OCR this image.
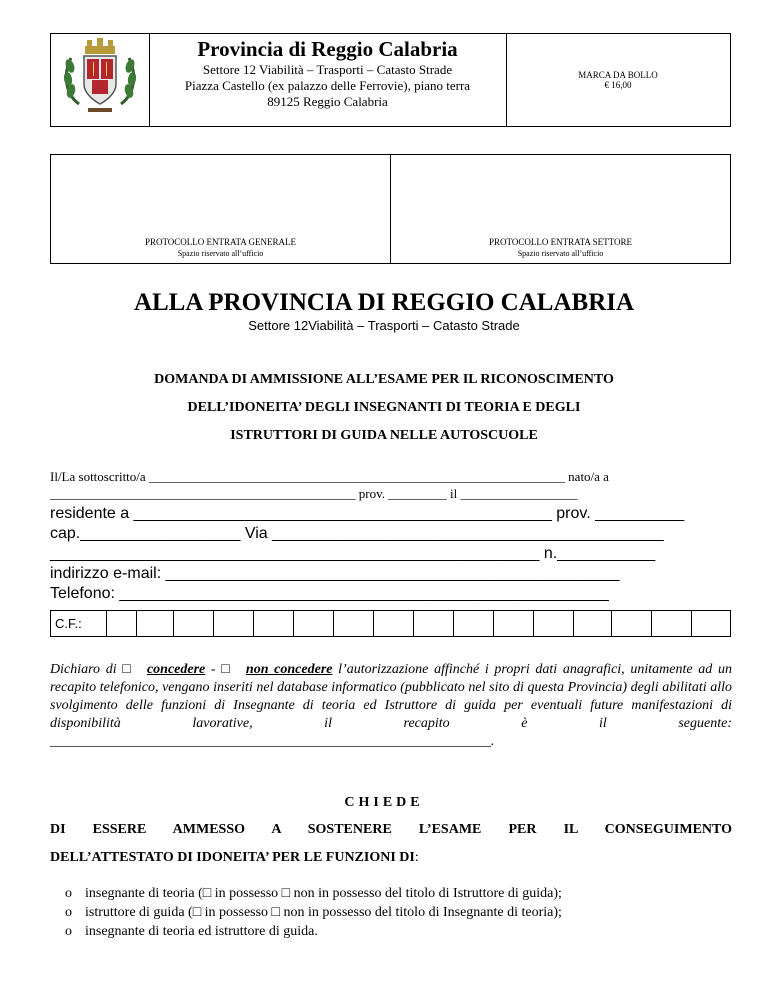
Provincia di Reggio Calabria
Settore 12 Viabilità – Trasporti – Catasto Strade
Piazza Castello (ex palazzo delle Ferrovie), piano terra
89125 Reggio Calabria
MARCA DA BOLLO
€ 16,00
PROTOCOLLO ENTRATA GENERALE
Spazio riservato all’ufficio
PROTOCOLLO ENTRATA SETTORE
Spazio riservato all’ufficio
ALLA PROVINCIA DI REGGIO CALABRIA
Settore 12Viabilità – Trasporti – Catasto Strade
DOMANDA DI AMMISSIONE ALL’ESAME PER IL RICONOSCIMENTO
DELL’IDONEITA’ DEGLI INSEGNANTI DI TEORIA E DEGLI
ISTRUTTORI DI GUIDA NELLE AUTOSCUOLE
Il/La sottoscritto/a ________________________________________________________________ nato/a a
_______________________________________________ prov. _________ il __________________
residente a _______________________________________________ prov. __________
cap.__________________ Via ____________________________________________
_______________________________________________________ n.___________
indirizzo e-mail: ___________________________________________________
Telefono: _______________________________________________________
C.F.:
Dichiaro di □ concedere - □ non concedere l’autorizzazione affinché i propri dati anagrafici, unitamente ad un recapito telefonico, vengano inseriti nel database informatico (pubblicato nel sito di questa Provincia) degli abilitati allo svolgimento delle funzioni di Insegnante di teoria ed Istruttore di guida per eventuali future manifestazioni di disponibilità lavorative, il recapito è il seguente: _______________________________________________________________.
CHIEDE
DI ESSERE AMMESSO A SOSTENERE L’ESAME PER IL CONSEGUIMENTO
DELL’ATTESTATO DI IDONEITA’ PER LE FUNZIONI DI:
o insegnante di teoria (□ in possesso □ non in possesso del titolo di Istruttore di guida);
o istruttore di guida (□ in possesso □ non in possesso del titolo di Insegnante di teoria);
o insegnante di teoria ed istruttore di guida.
